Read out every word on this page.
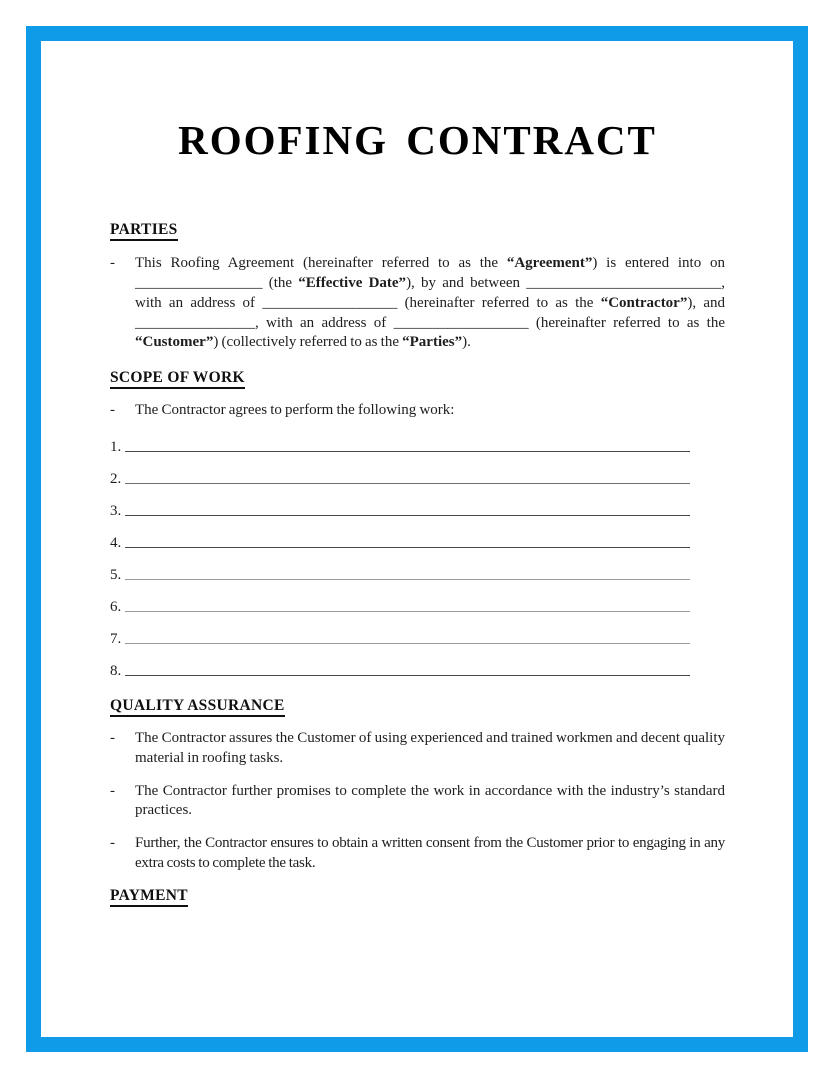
ROOFING CONTRACT
PARTIES
-	This Roofing Agreement (hereinafter referred to as the “Agreement”) is entered into on _________________ (the “Effective Date”), by and between __________________________, with an address of __________________ (hereinafter referred to as the “Contractor”), and ________________, with an address of __________________ (hereinafter referred to as the “Customer”) (collectively referred to as the “Parties”).

SCOPE OF WORK
-	The Contractor agrees to perform the following work:

1.
2.
3.
4.
5.
6.
7.
8.
QUALITY ASSURANCE
-	The Contractor assures the Customer of using experienced and trained workmen and decent quality material in roofing tasks.

-	The Contractor further promises to complete the work in accordance with the industry’s standard practices.

-	Further, the Contractor ensures to obtain a written consent from the Customer prior to engaging in any extra costs to complete the task.

PAYMENT
